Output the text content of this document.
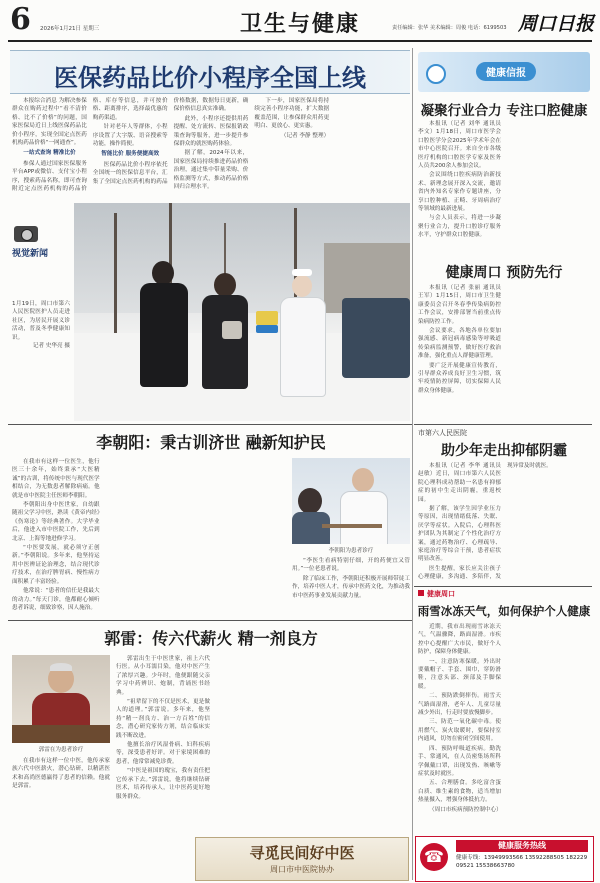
6 2026年1月21日 星期三	卫生与健康	责任编辑：张华 美术编辑：周俊 电话：6199503 周口日报
医保药品比价小程序全国上线

本报综合消息 为解决参保群众在购药过程中“看不清价格、比不了价格”的问题，国家医保局近日上线医保药品比价小程序，实现全国定点医药机构药品价格“一网通查”。

一站式查询 精准比价

参保人通过国家医保服务平台APP或微信、支付宝小程序，搜索药品名称，即可查询附近定点医药机构的药品价格、库存等信息，并可按价格、距离排序，选择最优惠的购药渠道。

针对老年人等群体，小程序设置了大字版、语音搜索等功能，操作简便。

智能比价 服务便捷高效

医保药品比价小程序依托全国统一的医保信息平台，汇集了全国定点医药机构的药品价格数据，数据每日更新，确保价格信息真实准确。

此外，小程序还提供用药提醒、处方流转、医保报销政策查询等服务，进一步提升参保群众的就医购药体验。

据了解，2024年以来，国家医保局持续推进药品价格治理，通过集中带量采购、价格监测等方式，推动药品价格回归合理水平。

下一步，国家医保局将持续完善小程序功能，扩大数据覆盖范围，让参保群众用药更明白、更放心、更实惠。

（记者 李静 整理）

视觉新闻
1月19日，周口市第六人民医院医护人员走进社区，为居民开展义诊活动，普及冬季健康知识。
记者 史华亮 摄
李朝阳：秉古训济世 融新知护民

在我市有这样一位医生，他行医三十余年，始终秉承“大医精诚”的古训，将传统中医与现代医学相结合，为无数患者解除病痛。他就是市中医院主任医师李朝阳。

李朝阳出身中医世家，自幼跟随祖父学习中医，熟读《黄帝内经》《伤寒论》等经典著作。大学毕业后，他进入市中医院工作，先后到北京、上海等地进修学习。

“中医要发展，就必须守正创新。”李朝阳说。多年来，他坚持运用中医辨证论治理念，结合现代诊疗技术，在治疗脾胃病、慢性病方面积累了丰富经验。

他常说：“患者的信任是我最大的动力。”每天门诊，他都耐心倾听患者诉说，细致诊察，因人施治。

李朝阳为患者诊疗

“李医生看病特别仔细，开的药便宜又管用。”一位老患者说。

除了临床工作，李朝阳还积极开展师带徒工作，培养中医人才，传承中医药文化，为推动我市中医药事业发展贡献力量。

郭雷：传六代薪火 精一剂良方
郭雷在为患者诊疗

在我市有这样一位中医，他传承家族六代中医薪火，潜心钻研，以精湛医术和高尚医德赢得了患者的信赖。他就是郭雷。

郭雷出生于中医世家，祖上六代行医。从小耳濡目染，他对中医产生了浓厚兴趣。少年时，他便跟随父亲学习中药辨识、炮制，背诵医书经典。

“祖辈留下的不仅是医术，更是做人的道理。”郭雷说。多年来，他坚持“精一剂良方、治一方百姓”的信念，潜心研究家传方剂，结合临床实践不断改进。

他擅长治疗风湿骨病、妇科疾病等，深受患者好评。对于家境困难的患者，他常常减免诊费。

“中医是祖国的瑰宝，我有责任把它传承下去。”郭雷说，他将继续钻研医术，培养传承人，让中医药更好地服务群众。

寻觅民间好中医
周口市中医院协办
健康信报
凝聚行业合力 专注口腔健康

本报讯（记者 刘华 通讯员 李文）1月18日，周口市医学会口腔医学分会2025年学术年会在市中心医院召开。来自全市各级医疗机构的口腔医学专家及医务人员共200余人参加会议。

会议围绕口腔疾病防治新技术、新理念展开深入交流，邀请省内外知名专家作专题讲座，分享口腔种植、正畸、牙周病治疗等领域的最新进展。

与会人员表示，将进一步凝聚行业合力，提升口腔诊疗服务水平，守护群众口腔健康。

健康周口 预防先行

本报讯（记者 张丽 通讯员 王军）1月15日，周口市卫生健康委员会召开冬春季传染病防控工作会议，安排部署当前重点传染病防控工作。

会议要求，各地各单位要加强流感、新冠病毒感染等呼吸道传染病监测预警，做好医疗救治准备，强化重点人群健康管理。

要广泛开展健康宣传教育，引导群众养成良好卫生习惯，筑牢疫情防控屏障，切实保障人民群众身体健康。

市第六人民医院
助少年走出抑郁阴霾

本报讯（记者 李华 通讯员 赵敏）近日，周口市第六人民医院心理科成功帮助一名患有抑郁症的初中生走出阴霾，重返校园。

据了解，该学生因学业压力等原因，出现情绪低落、失眠、厌学等症状。入院后，心理科医护团队为其制定了个性化治疗方案，通过药物治疗、心理疏导、家庭治疗等综合干预，患者症状明显改善。

医生提醒，家长应关注孩子心理健康，多沟通、多陪伴，发现异常及时就医。

健康周口
雨雪冰冻天气，如何保护个人健康

近期，我市出现雨雪冰冻天气，气温骤降，路面湿滑。市疾控中心提醒广大市民，做好个人防护，保障身体健康。

一、注意防寒保暖。外出时要戴帽子、手套、围巾，穿防滑鞋，注意头部、颈部及手脚保暖。

二、预防跌倒摔伤。雨雪天气路面湿滑，老年人、儿童尽量减少外出，行走时要放慢脚步。

三、防范一氧化碳中毒。使用燃气、炭火取暖时，要保持室内通风，切勿在密闭空间使用。

四、预防呼吸道疾病。勤洗手、常通风，在人员密集场所科学佩戴口罩，出现发热、咳嗽等症状及时就医。

五、合理膳食。多吃富含蛋白质、维生素的食物，适当增加热量摄入，增强身体抵抗力。

（周口市疾病预防控制中心）

☎
健康服务热线
健康专线：13949993566 13592288505 18222909521 15538663780
